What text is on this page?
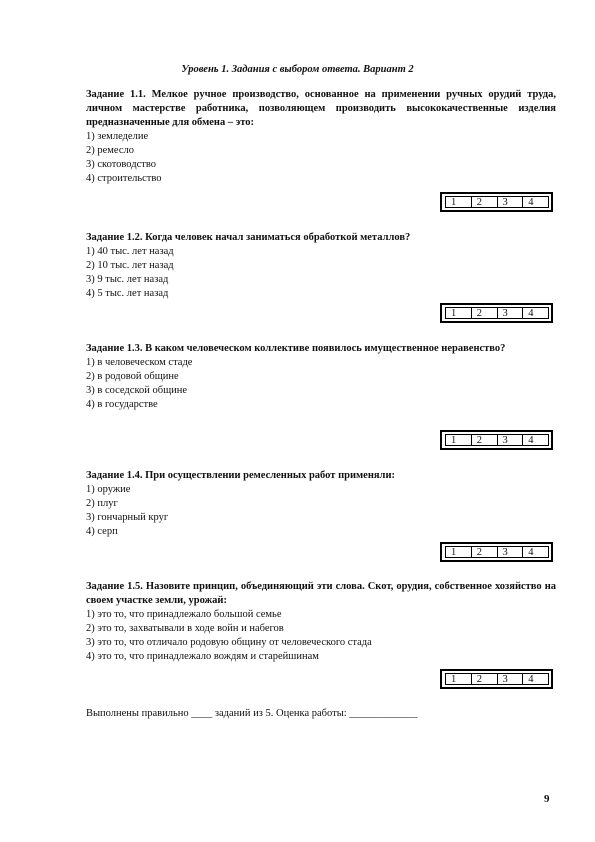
Уровень 1. Задания с выбором ответа. Вариант 2

Задание 1.1. Мелкое ручное производство, основанное на применении ручных орудий труда, личном мастерстве работника, позволяющем производить высококачественные изделия предназначенные для обмена – это:

1) земледелие

2) ремесло

3) скотоводство

4) строительство

1	2	3	4

Задание 1.2. Когда человек начал заниматься обработкой металлов?

1) 40 тыс. лет назад

2) 10 тыс. лет назад

3) 9 тыс. лет назад

4) 5 тыс. лет назад

1	2	3	4

Задание 1.3. В каком человеческом коллективе появилось имущественное неравенство?

1) в человеческом стаде

2) в родовой общине

3) в соседской общине

4) в государстве

1	2	3	4

Задание 1.4. При осуществлении ремесленных работ применяли:

1) оружие

2) плуг

3) гончарный круг

4) серп

1	2	3	4

Задание 1.5. Назовите принцип, объединяющий эти слова. Скот, орудия, собственное хозяйство на своем участке земли, урожай:

1) это то, что принадлежало большой семье

2) это то, захватывали в ходе войн и набегов

3) это то, что отличало родовую общину от человеческого стада

4) это то, что принадлежало вождям и старейшинам

1	2	3	4
Выполнены правильно ____ заданий из 5. Оценка работы: _____________
9
